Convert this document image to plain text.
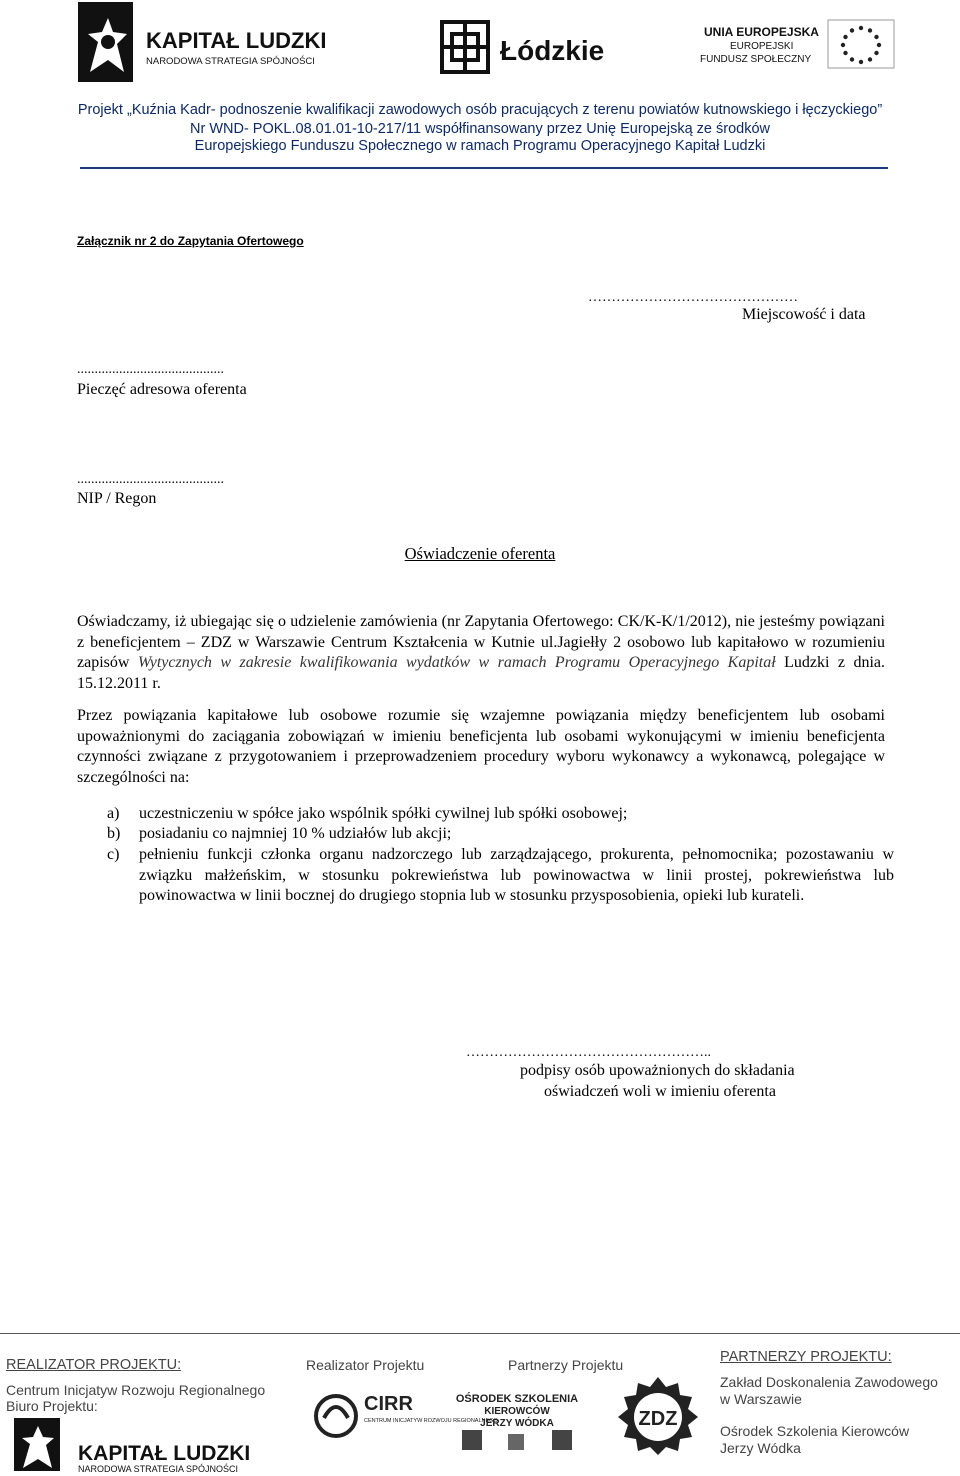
KAPITAŁ LUDZKI
NARODOWA STRATEGIA SPÓJNOŚCI	Łódzkie
UNIA EUROPEJSKA
EUROPEJSKI
FUNDUSZ SPOŁECZNY
Projekt „Kuźnia Kadr- podnoszenie kwalifikacji zawodowych osób pracujących z terenu powiatów kutnowskiego i łęczyckiego”
Nr WND- POKL.08.01.01-10-217/11 współfinansowany przez Unię Europejską ze środków
Europejskiego Funduszu Społecznego w ramach Programu Operacyjnego Kapitał Ludzki
Załącznik nr 2 do Zapytania Ofertowego
………………………………………
Miejscowość i data
..........................................
Pieczęć adresowa oferenta
..........................................
NIP / Regon
Oświadczenie oferenta
Oświadczamy, iż ubiegając się o udzielenie zamówienia (nr Zapytania Ofertowego: CK/K-K/1/2012), nie jesteśmy powiązani z beneficjentem – ZDZ w Warszawie Centrum Kształcenia w Kutnie ul.Jagiełły 2 osobowo lub kapitałowo w rozumieniu zapisów Wytycznych w zakresie kwalifikowania wydatków w ramach Programu Operacyjnego Kapitał Ludzki z dnia. 15.12.2011 r.
Przez powiązania kapitałowe lub osobowe rozumie się wzajemne powiązania między beneficjentem lub osobami upoważnionymi do zaciągania zobowiązań w imieniu beneficjenta lub osobami wykonującymi w imieniu beneficjenta czynności związane z przygotowaniem i przeprowadzeniem procedury wyboru wykonawcy a wykonawcą, polegające w szczególności na:
a) uczestniczeniu w spółce jako wspólnik spółki cywilnej lub spółki osobowej;
b) posiadaniu co najmniej 10 % udziałów lub akcji;
c) pełnieniu funkcji członka organu nadzorczego lub zarządzającego, prokurenta, pełnomocnika; pozostawaniu w związku małżeńskim, w stosunku pokrewieństwa lub powinowactwa w linii prostej, pokrewieństwa lub powinowactwa w linii bocznej do drugiego stopnia lub w stosunku przysposobienia, opieki lub kurateli.
……………………………………………..
podpisy osób upoważnionych do składania
oświadczeń woli w imieniu oferenta
REALIZATOR PROJEKTU:
Centrum Inicjatyw Rozwoju Regionalnego
Biuro Projektu:
Realizator Projektu	Partnerzy Projektu	PARTNERZY PROJEKTU:
Zakład Doskonalenia Zawodowego
w Warszawie
Ośrodek Szkolenia Kierowców
Jerzy Wódka
KAPITAŁ LUDZKI
NARODOWA STRATEGIA SPÓJNOŚCI
CIRR
CENTRUM INICJATYW ROZWOJU REGIONALNEGO
OŚRODEK SZKOLENIA
KIEROWCÓW
JERZY WÓDKA	ZDZ
